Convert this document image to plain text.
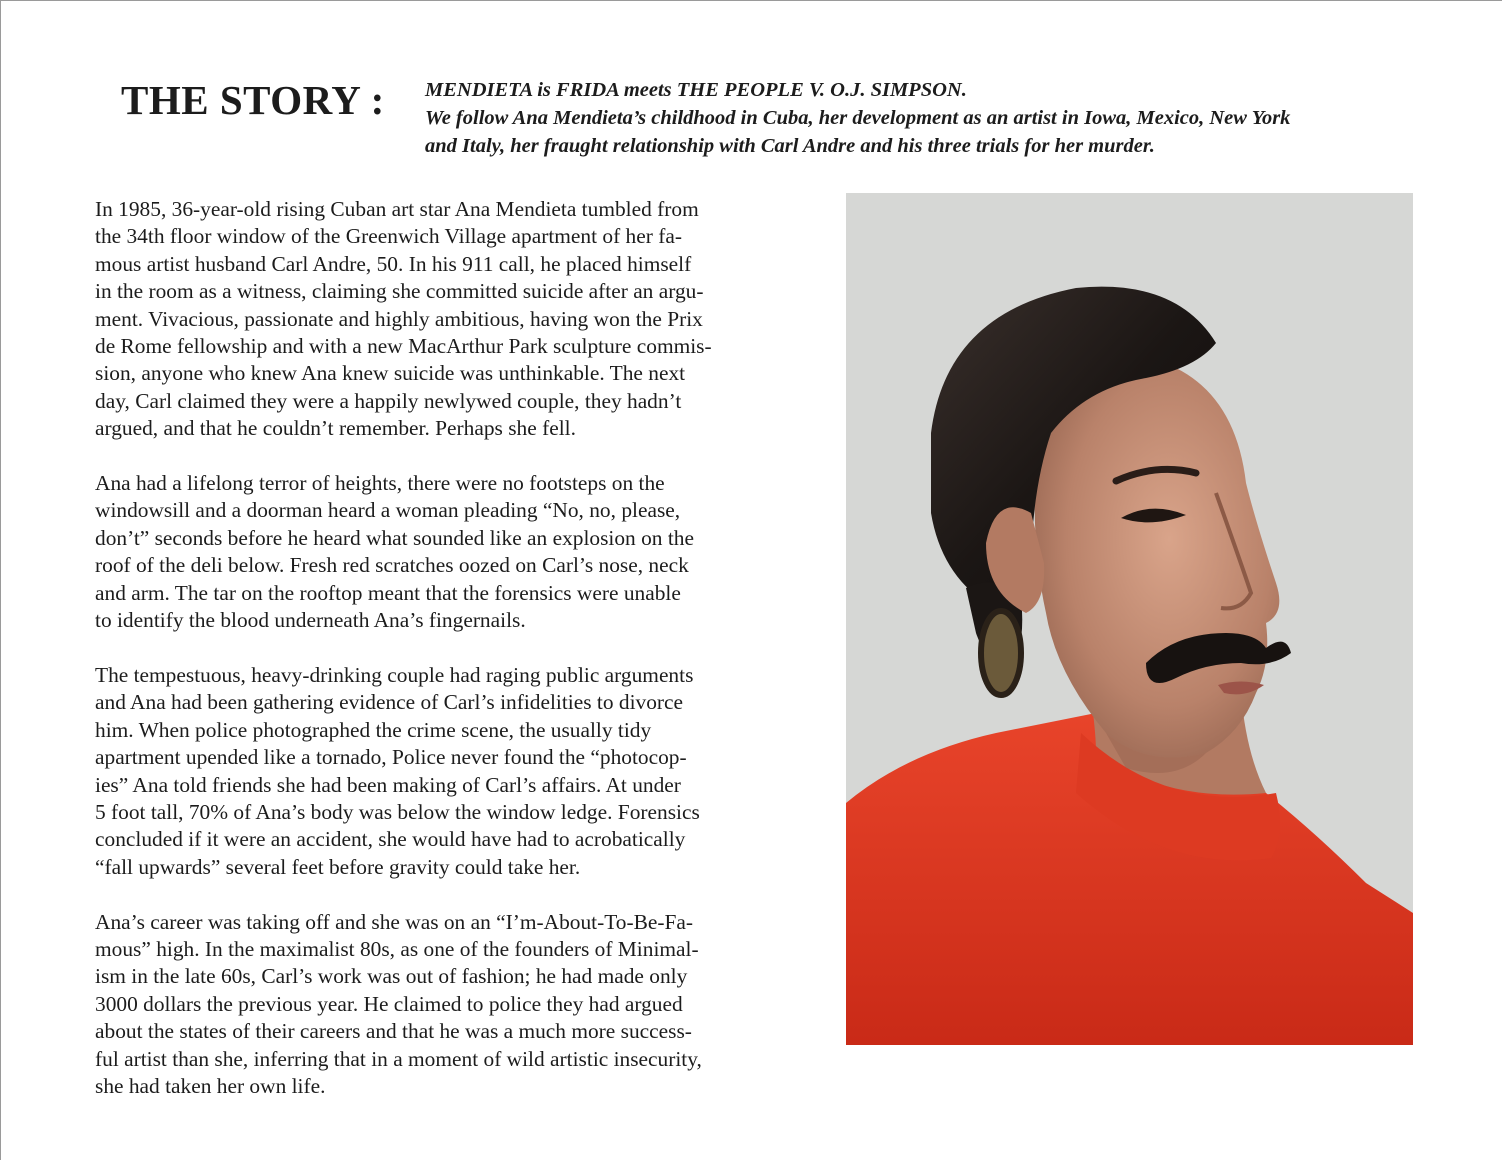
THE STORY : MENDIETA is FRIDA meets THE PEOPLE V. O.J. SIMPSON.
We follow Ana Mendieta’s childhood in Cuba, her development as an artist in Iowa, Mexico, New York
and Italy, her fraught relationship with Carl Andre and his three trials for her murder.

In 1985, 36-year-old rising Cuban art star Ana Mendieta tumbled from
the 34th floor window of the Greenwich Village apartment of her fa-
mous artist husband Carl Andre, 50. In his 911 call, he placed himself
in the room as a witness, claiming she committed suicide after an argu-
ment. Vivacious, passionate and highly ambitious, having won the Prix
de Rome fellowship and with a new MacArthur Park sculpture commis-
sion, anyone who knew Ana knew suicide was unthinkable. The next
day, Carl claimed they were a happily newlywed couple, they hadn’t
argued, and that he couldn’t remember. Perhaps she fell.

Ana had a lifelong terror of heights, there were no footsteps on the
windowsill and a doorman heard a woman pleading “No, no, please,
don’t” seconds before he heard what sounded like an explosion on the
roof of the deli below. Fresh red scratches oozed on Carl’s nose, neck
and arm. The tar on the rooftop meant that the forensics were unable
to identify the blood underneath Ana’s fingernails.

The tempestuous, heavy-drinking couple had raging public arguments
and Ana had been gathering evidence of Carl’s infidelities to divorce
him. When police photographed the crime scene, the usually tidy
apartment upended like a tornado, Police never found the “photocop-
ies” Ana told friends she had been making of Carl’s affairs. At under
5 foot tall, 70% of Ana’s body was below the window ledge. Forensics
concluded if it were an accident, she would have had to acrobatically
“fall upwards” several feet before gravity could take her.

Ana’s career was taking off and she was on an “I’m-About-To-Be-Fa-
mous” high. In the maximalist 80s, as one of the founders of Minimal-
ism in the late 60s, Carl’s work was out of fashion; he had made only
3000 dollars the previous year. He claimed to police they had argued
about the states of their careers and that he was a much more success-
ful artist than she, inferring that in a moment of wild artistic insecurity,
she had taken her own life.
